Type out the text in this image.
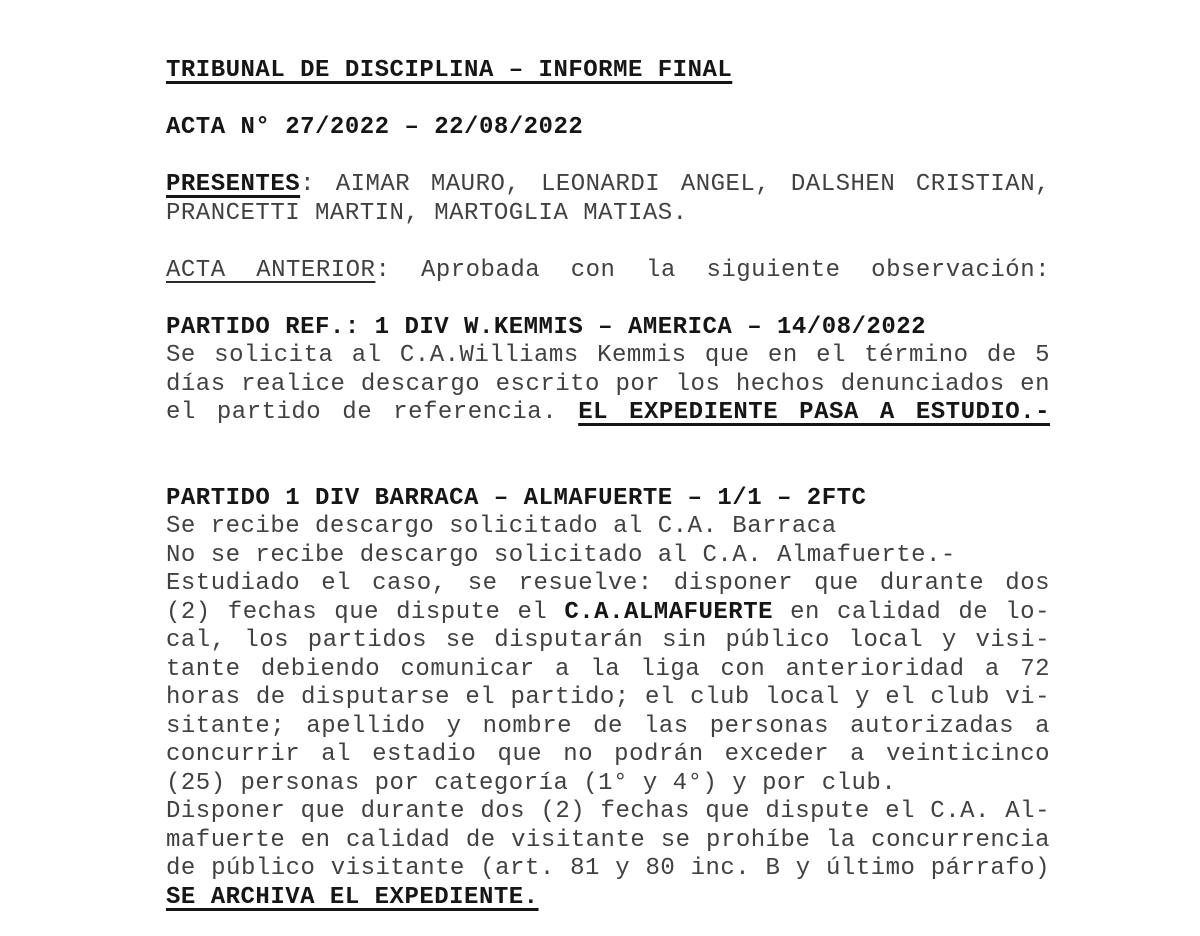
TRIBUNAL DE DISCIPLINA – INFORME FINAL
ACTA N° 27/2022 – 22/08/2022
PRESENTES: AIMAR MAURO, LEONARDI ANGEL, DALSHEN CRISTIAN,
PRANCETTI MARTIN, MARTOGLIA MATIAS.
ACTA ANTERIOR: Aprobada con la siguiente observación:
PARTIDO REF.: 1 DIV W.KEMMIS – AMERICA – 14/08/2022
Se solicita al C.A.Williams Kemmis que en el término de 5
días realice descargo escrito por los hechos denunciados en
el partido de referencia. EL EXPEDIENTE PASA A ESTUDIO.-
PARTIDO 1 DIV BARRACA – ALMAFUERTE – 1/1 – 2FTC
Se recibe descargo solicitado al C.A. Barraca
No se recibe descargo solicitado al C.A. Almafuerte.-
Estudiado el caso, se resuelve: disponer que durante dos
(2) fechas que dispute el C.A.ALMAFUERTE en calidad de lo-
cal, los partidos se disputarán sin público local y visi-
tante debiendo comunicar a la liga con anterioridad a 72
horas de disputarse el partido; el club local y el club vi-
sitante; apellido y nombre de las personas autorizadas a
concurrir al estadio que no podrán exceder a veinticinco
(25) personas por categoría (1° y 4°) y por club.
Disponer que durante dos (2) fechas que dispute el C.A. Al-
mafuerte en calidad de visitante se prohíbe la concurrencia
de público visitante (art. 81 y 80 inc. B y último párrafo)
SE ARCHIVA EL EXPEDIENTE.
